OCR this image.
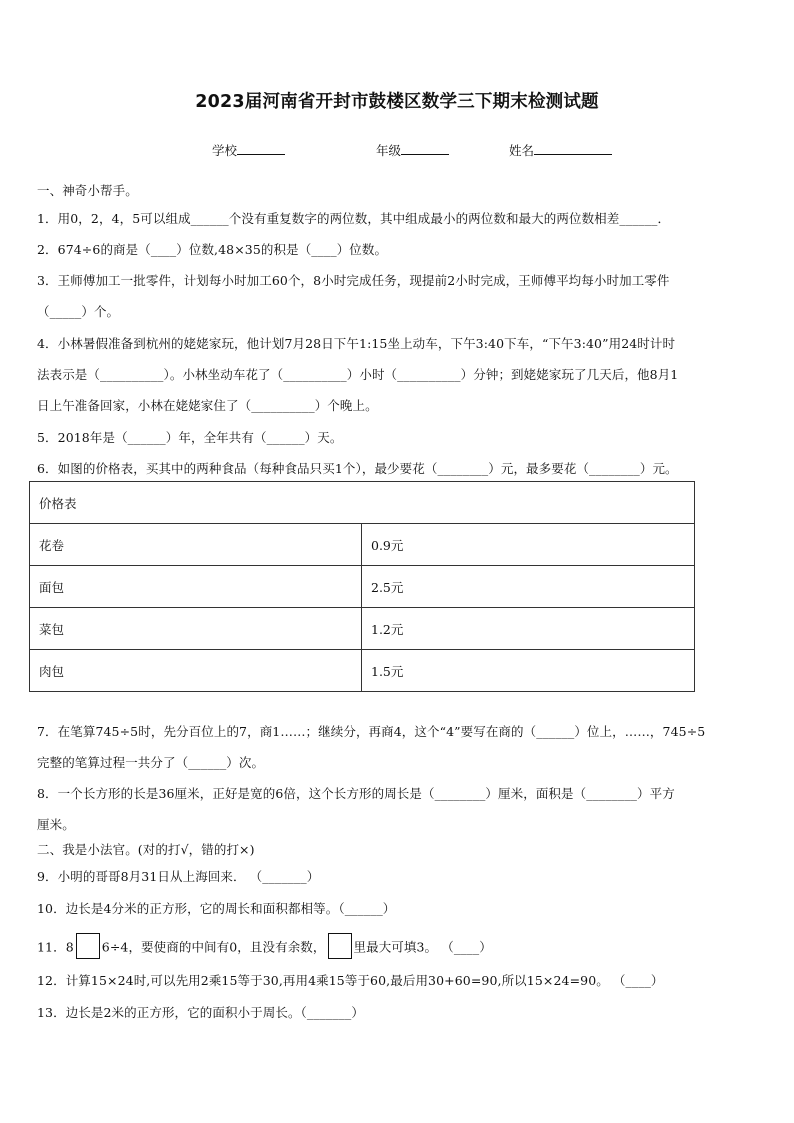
2023届河南省开封市鼓楼区数学三下期末检测试题
学校	年级	姓名
一、神奇小帮手。
1．用0，2，4，5可以组成______个没有重复数字的两位数，其中组成最小的两位数和最大的两位数相差______．
2．674÷6的商是（____）位数,48×35的积是（____）位数。
3．王师傅加工一批零件，计划每小时加工60个，8小时完成任务，现提前2小时完成，王师傅平均每小时加工零件
（_____）个。
4．小林暑假准备到杭州的姥姥家玩，他计划7月28日下午1:15坐上动车，下午3:40下车，“下午3:40”用24时计时
法表示是（__________）。小林坐动车花了（__________）小时（__________）分钟；到姥姥家玩了几天后，他8月1
日上午准备回家，小林在姥姥家住了（__________）个晚上。
5．2018年是（______）年，全年共有（______）天。
6．如图的价格表，买其中的两种食品（每种食品只买1个），最少要花（________）元，最多要花（________）元。
价格表	
花卷	0.9元
面包	2.5元
菜包	1.2元
肉包	1.5元
7．在笔算745÷5时，先分百位上的7，商1……；继续分，再商4，这个“4”要写在商的（______）位上，……，745÷5
完整的笔算过程一共分了（______）次。
8．一个长方形的长是36厘米，正好是宽的6倍，这个长方形的周长是（________）厘米，面积是（________）平方
厘米。
二、我是小法官。(对的打√，错的打×)
9．小明的哥哥8月31日从上海回来． （_______）
10．边长是4分米的正方形，它的周长和面积都相等。（______）
11．8 6÷4，要使商的中间有0，且没有余数， 里最大可填3。 （____）
12．计算15×24时,可以先用2乘15等于30,再用4乘15等于60,最后用30+60=90,所以15×24=90。 （____）
13．边长是2米的正方形，它的面积小于周长。（_______）
